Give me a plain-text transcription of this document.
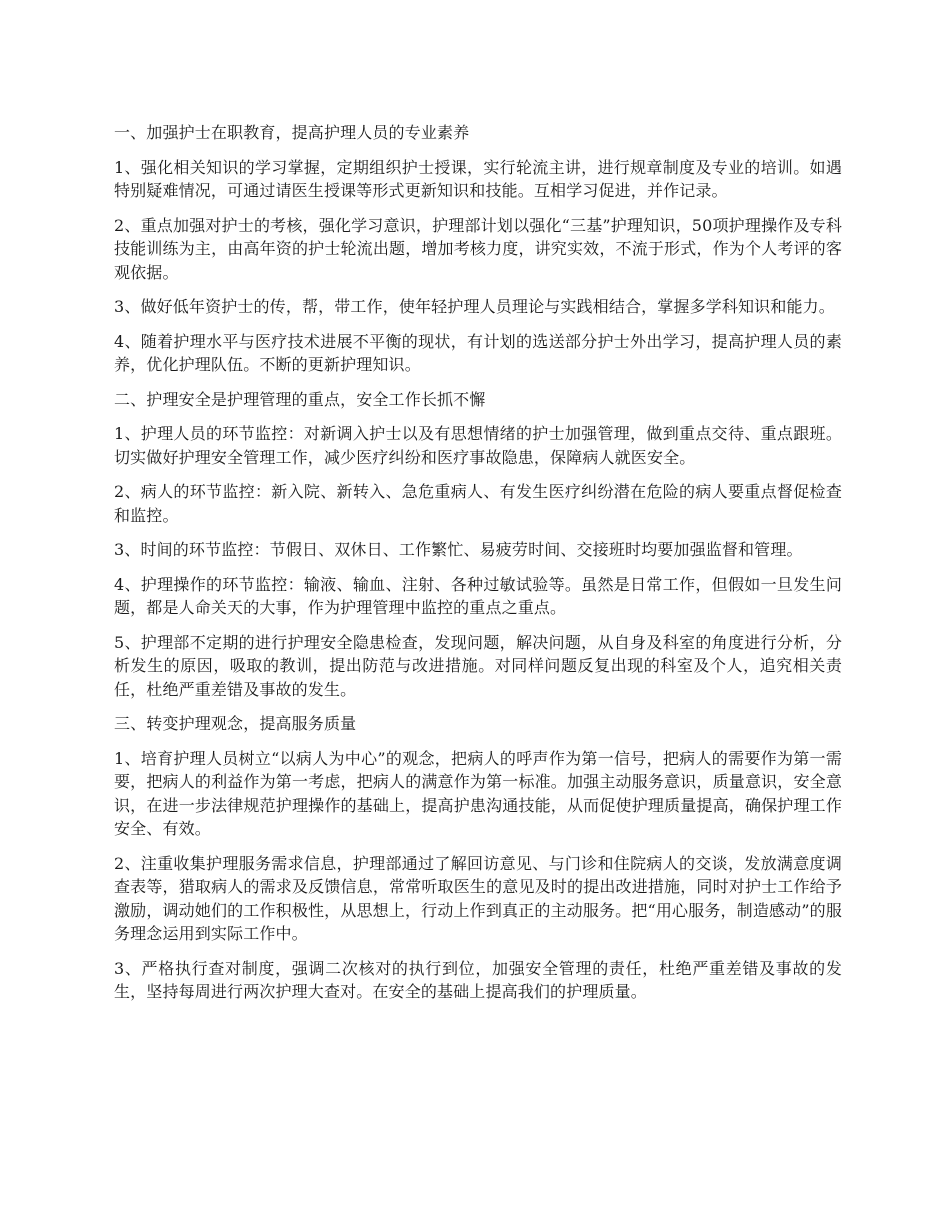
一、加强护士在职教育，提高护理人员的专业素养

1、强化相关知识的学习掌握，定期组织护士授课，实行轮流主讲，进行规章制度及专业的培训。如遇特别疑难情况，可通过请医生授课等形式更新知识和技能。互相学习促进，并作记录。

2、重点加强对护士的考核，强化学习意识，护理部计划以强化“三基”护理知识，50项护理操作及专科技能训练为主，由高年资的护士轮流出题，增加考核力度，讲究实效，不流于形式，作为个人考评的客观依据。

3、做好低年资护士的传，帮，带工作，使年轻护理人员理论与实践相结合，掌握多学科知识和能力。

4、随着护理水平与医疗技术进展不平衡的现状，有计划的选送部分护士外出学习，提高护理人员的素养，优化护理队伍。不断的更新护理知识。

二、护理安全是护理管理的重点，安全工作长抓不懈

1、护理人员的环节监控：对新调入护士以及有思想情绪的护士加强管理，做到重点交待、重点跟班。切实做好护理安全管理工作，减少医疗纠纷和医疗事故隐患，保障病人就医安全。

2、病人的环节监控：新入院、新转入、急危重病人、有发生医疗纠纷潜在危险的病人要重点督促检查和监控。

3、时间的环节监控：节假日、双休日、工作繁忙、易疲劳时间、交接班时均要加强监督和管理。

4、护理操作的环节监控：输液、输血、注射、各种过敏试验等。虽然是日常工作，但假如一旦发生问题，都是人命关天的大事，作为护理管理中监控的重点之重点。

5、护理部不定期的进行护理安全隐患检查，发现问题，解决问题，从自身及科室的角度进行分析，分析发生的原因，吸取的教训，提出防范与改进措施。对同样问题反复出现的科室及个人，追究相关责任，杜绝严重差错及事故的发生。

三、转变护理观念，提高服务质量

1、培育护理人员树立“以病人为中心”的观念，把病人的呼声作为第一信号，把病人的需要作为第一需要，把病人的利益作为第一考虑，把病人的满意作为第一标准。加强主动服务意识，质量意识，安全意识，在进一步法律规范护理操作的基础上，提高护患沟通技能，从而促使护理质量提高，确保护理工作安全、有效。

2、注重收集护理服务需求信息，护理部通过了解回访意见、与门诊和住院病人的交谈，发放满意度调查表等，猎取病人的需求及反馈信息，常常听取医生的意见及时的提出改进措施，同时对护士工作给予激励，调动她们的工作积极性，从思想上，行动上作到真正的主动服务。把“用心服务，制造感动”的服务理念运用到实际工作中。

3、严格执行查对制度，强调二次核对的执行到位，加强安全管理的责任，杜绝严重差错及事故的发生，坚持每周进行两次护理大查对。在安全的基础上提高我们的护理质量。
